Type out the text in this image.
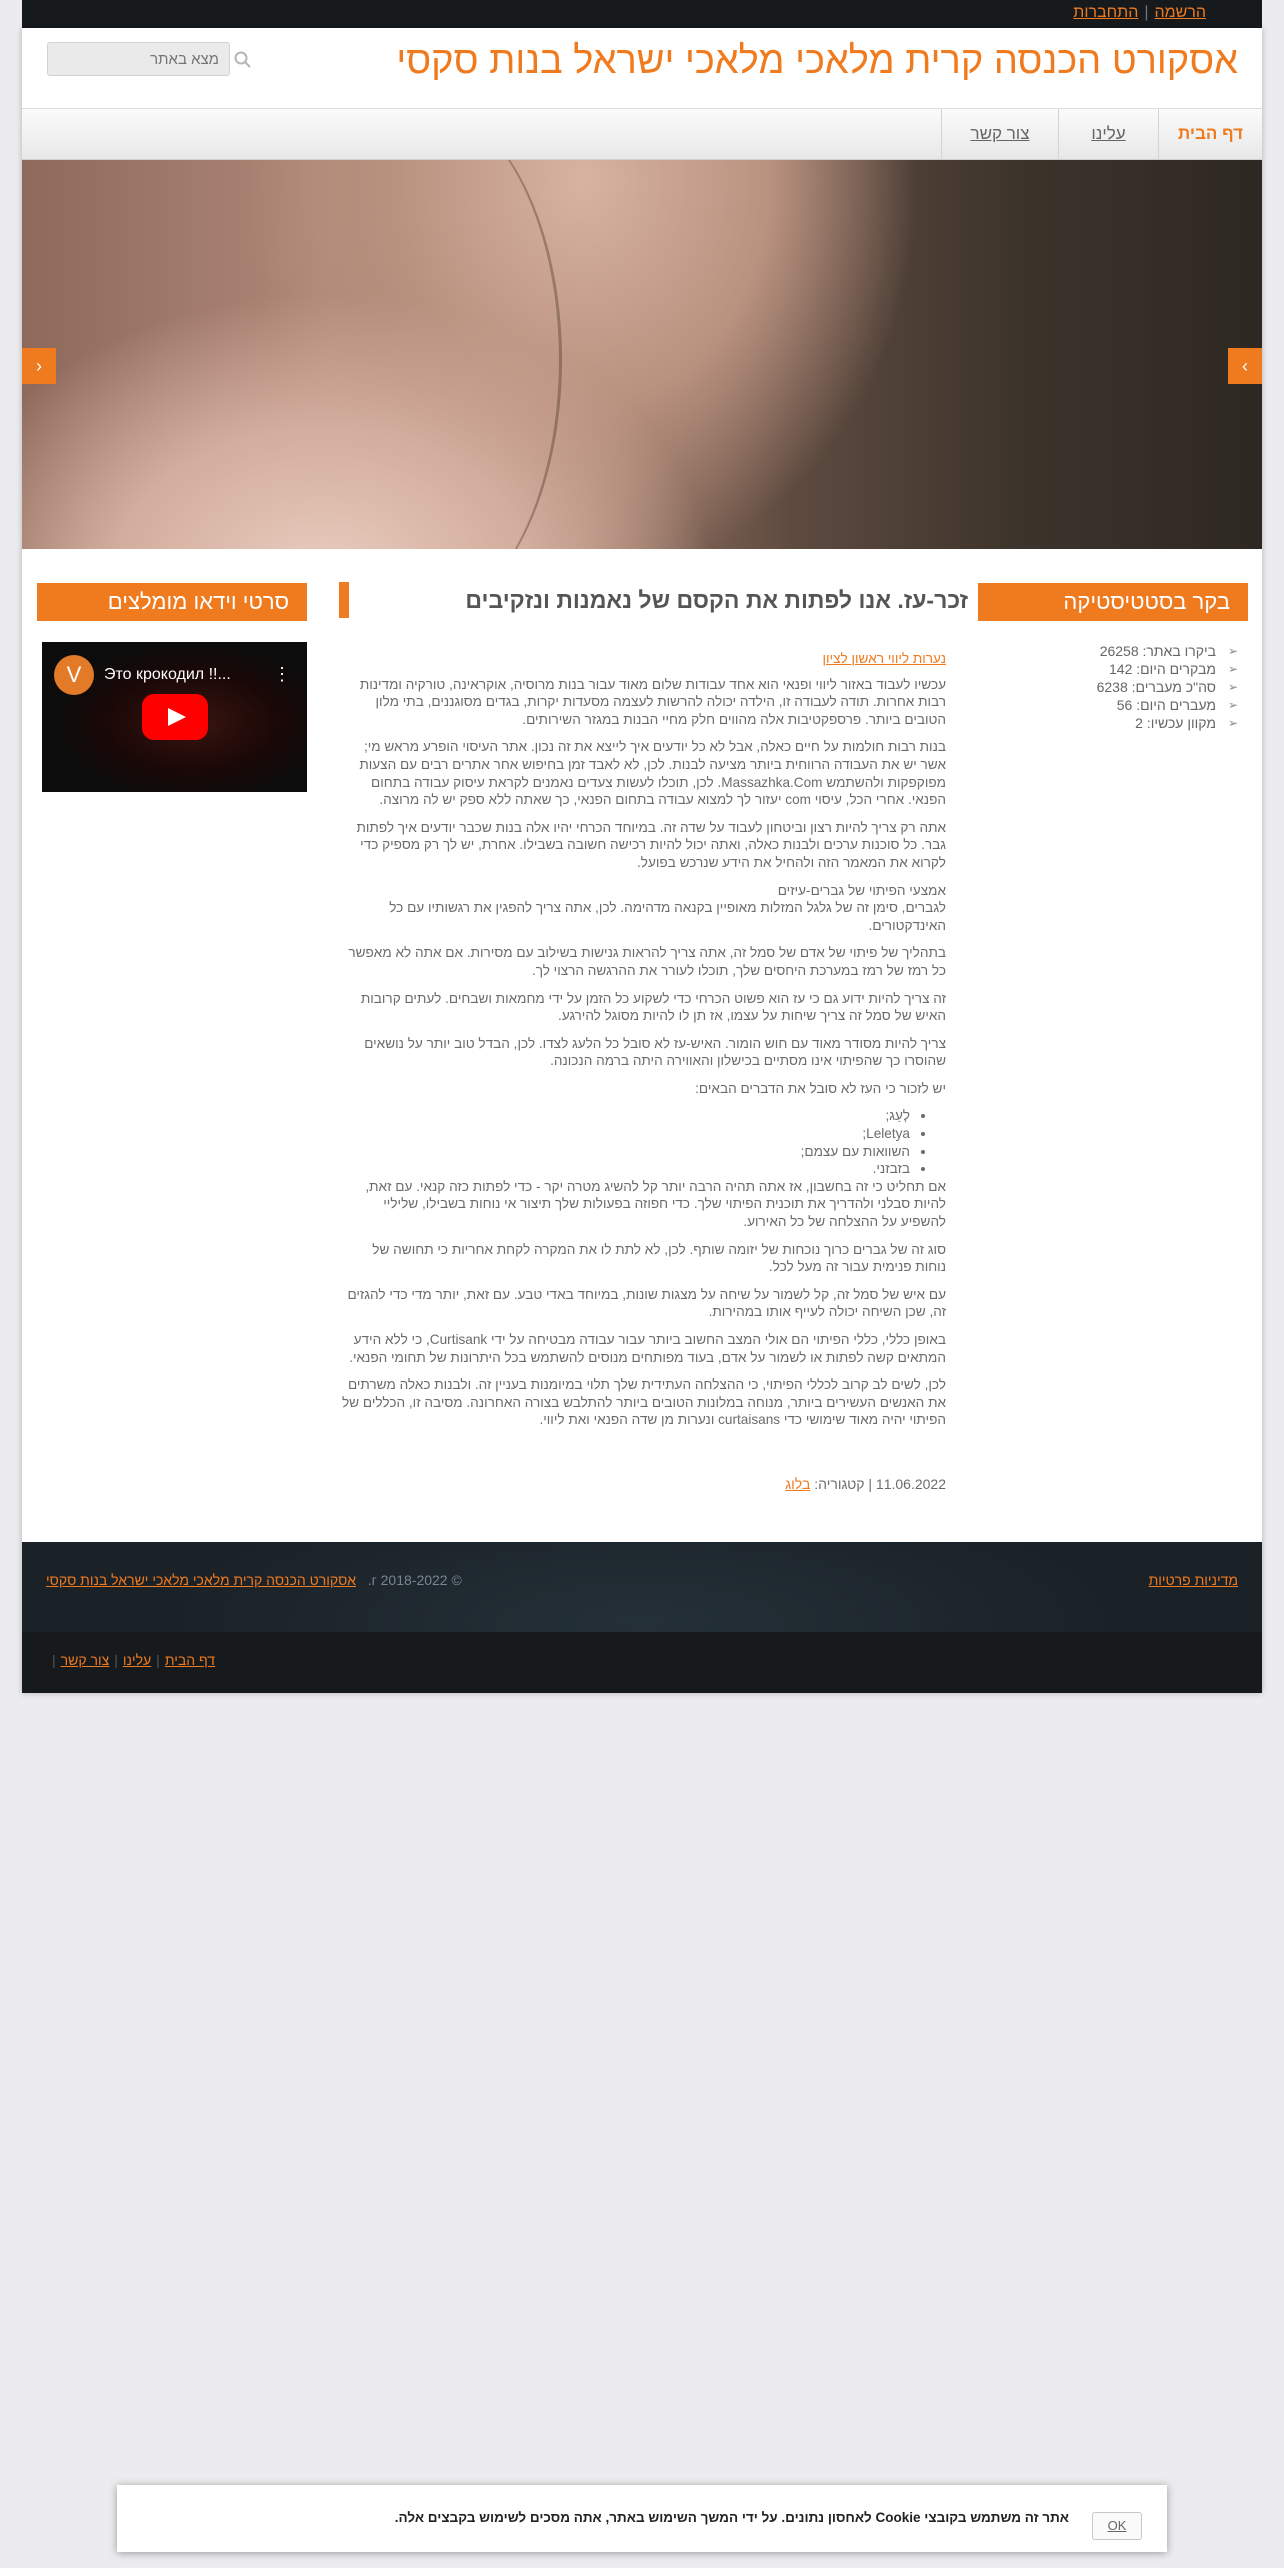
הרשמה|התחברות
אסקורט הכנסה קרית מלאכי מלאכי ישראל בנות סקסי
מצא באתר
דף הבית
עלינו
צור קשר
‹	›
בקר בסטטיסטיקה
➢ ביקרו באתר: 26258
➢ מבקרים היום: 142
➢ סה"כ מעברים: 6238
➢ מעברים היום: 56
➢ מקוון עכשיו: 2
סרטי וידאו מומלצים
V	Это крокодил !!... ⋮
זכר-עז. אנו לפתות את הקסם של נאמנות ונזקיבים

נערות ליווי ראשון לציון

עכשיו לעבוד באזור ליווי ופנאי הוא אחד עבודות שלום מאוד עבור בנות מרוסיה, אוקראינה, טורקיה ומדינות רבות אחרות. תודה לעבודה זו, הילדה יכולה להרשות לעצמה מסעדות יקרות, בגדים מסוגננים, בתי מלון הטובים ביותר. פרספקטיבות אלה מהווים חלק מחיי הבנות במגזר השירותים.

בנות רבות חולמות על חיים כאלה, אבל לא כל יודעים איך לייצא את זה נכון. אתר העיסוי הופרע מראש מי; אשר יש את העבודה הרווחית ביותר מציעה לבנות. לכן, לא לאבד זמן בחיפוש אחר אתרים רבים עם הצעות מפוקפקות ולהשתמש Massazhka.Com. לכן, תוכלו לעשות צעדים נאמנים לקראת עיסוק עבודה בתחום הפנאי. אחרי הכל, עיסוי com יעזור לך למצוא עבודה בתחום הפנאי, כך שאתה ללא ספק יש לה מרוצה.

אתה רק צריך להיות רצון וביטחון לעבוד על שדה זה. במיוחד הכרחי יהיו אלה בנות שכבר יודעים איך לפתות גבר. כל סוכנות ערכים ולבנות כאלה, ואתה יכול להיות רכישה חשובה בשבילו. אחרת, יש לך רק מספיק כדי לקרוא את המאמר הזה ולהחיל את הידע שנרכש בפועל.

אמצעי הפיתוי של גברים-עיזים
לגברים, סימן זה של גלגל המזלות מאופיין בקנאה מדהימה. לכן, אתה צריך להפגין את רגשותיו עם כל האינדקטורים.

בתהליך של פיתוי של אדם של סמל זה, אתה צריך להראות גנישות בשילוב עם מסירות. אם אתה לא מאפשר כל רמז של רמז במערכת היחסים שלך, תוכלו לעורר את ההרגשה הרצוי לך.

זה צריך להיות ידוע גם כי עז הוא פשוט הכרחי כדי לשקוע כל הזמן על ידי מחמאות ושבחים. לעתים קרובות האיש של סמל זה צריך שיחות על עצמו, אז תן לו להיות מסוגל להירגע.

צריך להיות מסודר מאוד עם חוש הומור. האיש-עז לא סובל כל הלעג לצדו. לכן, הבדל טוב יותר על נושאים שהוסרו כך שהפיתוי אינו מסתיים בכישלון והאווירה היתה ברמה הנכונה.

יש לזכור כי העז לא סובל את הדברים הבאים:

• לְעַג;
• Leletya;
• השוואות עם עצמם;
• בזבזני.

אם תחליט כי זה בחשבון, אז אתה תהיה הרבה יותר קל להשיג מטרה יקר - כדי לפתות כזה קנאי. עם זאת, להיות סבלני ולהדריך את תוכנית הפיתוי שלך. כדי חפוזה בפעולות שלך תיצור אי נוחות בשבילו, שליליי להשפיע על ההצלחה של כל האירוע.

סוג זה של גברים כרוך נוכחות של יזומה שותף. לכן, לא לתת לו את המקרה לקחת אחריות כי תחושה של נוחות פנימית עבור זה מעל לכל.

עם איש של סמל זה, קל לשמור על שיחה על מצגות שונות, במיוחד באדי טבע. עם זאת, יותר מדי כדי להגזים זה, שכן השיחה יכולה לעייף אותו במהירות.

באופן כללי, כללי הפיתוי הם אולי המצב החשוב ביותר עבור עבודה מבטיחה על ידי Curtisank, כי ללא הידע המתאים קשה לפתות או לשמור על אדם, בעוד מפותחים מנוסים להשתמש בכל היתרונות של תחומי הפנאי.

לכן, לשים לב קרוב לכללי הפיתוי, כי ההצלחה העתידית שלך תלוי במיומנות בעניין זה. ולבנות כאלה משרתים את האנשים העשירים ביותר, מנוחה במלונות הטובים ביותר להתלבש בצורה האחרונה. מסיבה זו, הכללים של הפיתוי יהיה מאוד שימושי כדי curtaisans ונערות מן שדה הפנאי ואת ליווי.

11.06.2022 | קטגוריה: בלוג
מדיניות פרטיות
© 2018-2022 г.   אסקורט הכנסה קרית מלאכי מלאכי ישראל בנות סקסי
דף הבית|עלינו|צור קשר|
אתר זה משתמש בקובצי Cookie לאחסון נתונים. על ידי המשך השימוש באתר, אתה מסכים לשימוש בקבצים אלה.
OK
